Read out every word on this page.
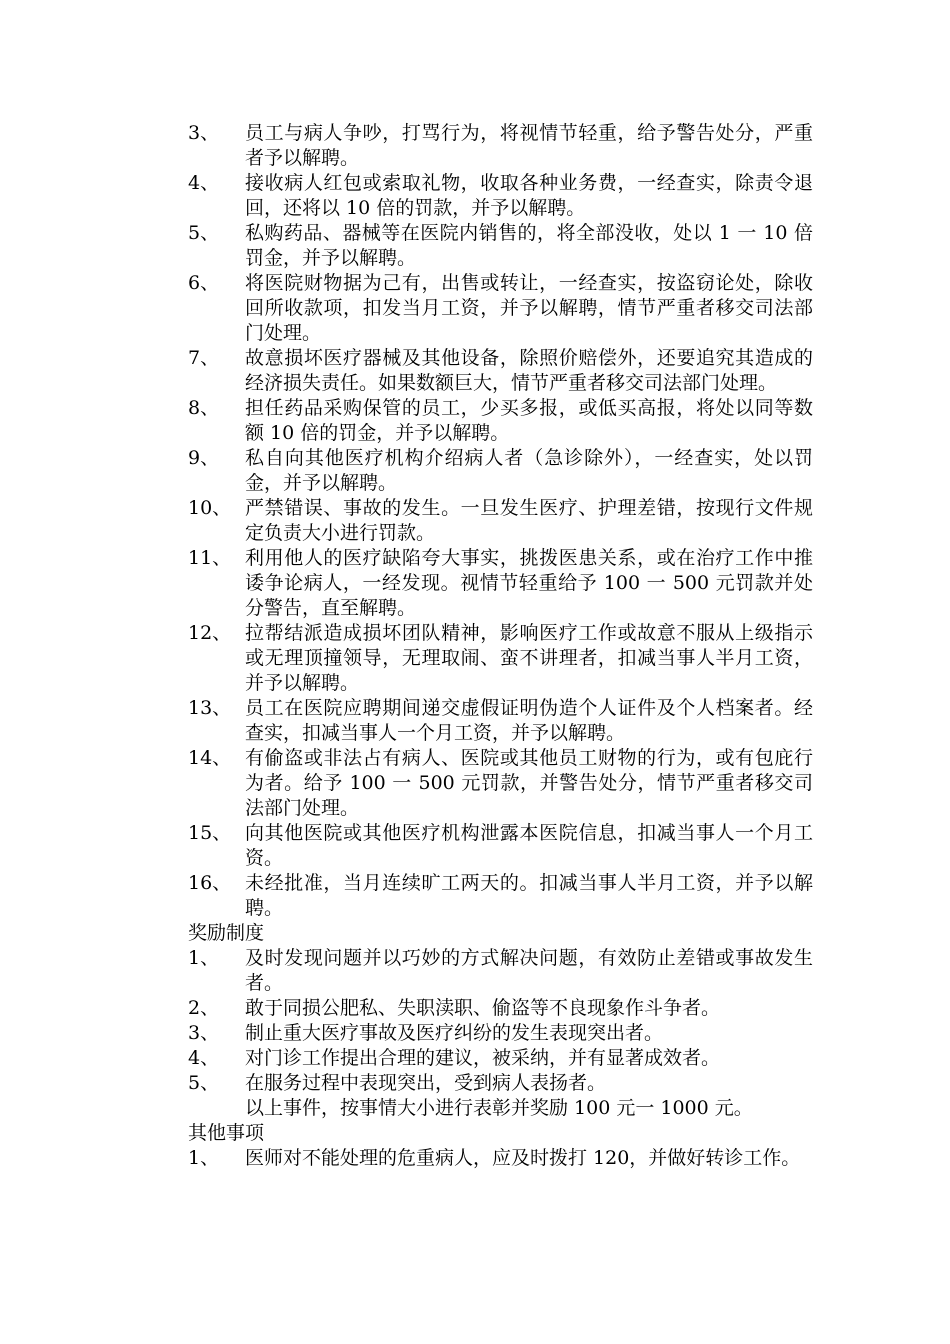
3、	员工与病人争吵，打骂行为，将视情节轻重，给予警告处分，严重者予以解聘。
4、	接收病人红包或索取礼物，收取各种业务费，一经查实，除责令退回，还将以 10 倍的罚款，并予以解聘。
5、	私购药品、器械等在医院内销售的，将全部没收，处以 1 一 10 倍罚金，并予以解聘。
6、	将医院财物据为己有，出售或转让，一经查实，按盗窃论处，除收回所收款项，扣发当月工资，并予以解聘，情节严重者移交司法部门处理。
7、	故意损坏医疗器械及其他设备，除照价赔偿外，还要追究其造成的经济损失责任。如果数额巨大，情节严重者移交司法部门处理。
8、	担任药品采购保管的员工，少买多报，或低买高报，将处以同等数额 10 倍的罚金，并予以解聘。
9、	私自向其他医疗机构介绍病人者（急诊除外），一经查实，处以罚金，并予以解聘。
10、 严禁错误、事故的发生。一旦发生医疗、护理差错，按现行文件规定负责大小进行罚款。
11、 利用他人的医疗缺陷夸大事实，挑拨医患关系，或在治疗工作中推诿争论病人，一经发现。视情节轻重给予 100 一 500 元罚款并处分警告，直至解聘。
12、 拉帮结派造成损坏团队精神，影响医疗工作或故意不服从上级指示或无理顶撞领导，无理取闹、蛮不讲理者，扣减当事人半月工资，并予以解聘。
13、 员工在医院应聘期间递交虚假证明伪造个人证件及个人档案者。经查实，扣减当事人一个月工资，并予以解聘。
14、 有偷盗或非法占有病人、医院或其他员工财物的行为，或有包庇行为者。给予 100 一 500 元罚款，并警告处分，情节严重者移交司法部门处理。
15、 向其他医院或其他医疗机构泄露本医院信息，扣减当事人一个月工资。
16、 未经批准，当月连续旷工两天的。扣减当事人半月工资，并予以解聘。
奖励制度
1、	及时发现问题并以巧妙的方式解决问题，有效防止差错或事故发生者。
2、	敢于同损公肥私、失职渎职、偷盗等不良现象作斗争者。
3、	制止重大医疗事故及医疗纠纷的发生表现突出者。
4、	对门诊工作提出合理的建议，被采纳，并有显著成效者。
5、	在服务过程中表现突出，受到病人表扬者。
以上事件，按事情大小进行表彰并奖励 100 元一 1000 元。
其他事项
1、	医师对不能处理的危重病人，应及时拨打 120，并做好转诊工作。
